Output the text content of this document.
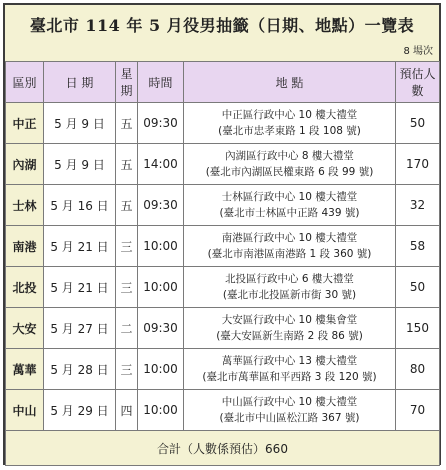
臺北市 114 年 5 月役男抽籤（日期、地點）一覽表
8 場次
區別	日 期	星期	時間	地 點	預估人數
中正	5 月 9 日	五	09:30	中正區行政中心 10 樓大禮堂
(臺北市忠孝東路 1 段 108 號)	50
內湖	5 月 9 日	五	14:00	內湖區行政中心 8 樓大禮堂
(臺北市內湖區民權東路 6 段 99 號)	170
士林	5 月 16 日	五	09:30	士林區行政中心 10 樓大禮堂
(臺北市士林區中正路 439 號)	32
南港	5 月 21 日	三	10:00	南港區行政中心 10 樓大禮堂
(臺北市南港區南港路 1 段 360 號)	58
北投	5 月 21 日	三	10:00	北投區行政中心 6 樓大禮堂
(臺北市北投區新市街 30 號)	50
大安	5 月 27 日	二	09:30	大安區行政中心 10 樓集會堂
(臺大安區新生南路 2 段 86 號)	150
萬華	5 月 28 日	三	10:00	萬華區行政中心 13 樓大禮堂
(臺北市萬華區和平西路 3 段 120 號)	80
中山	5 月 29 日	四	10:00	中山區行政中心 10 樓大禮堂
(臺北市中山區松江路 367 號)	70
合計（人數係預估）660					
